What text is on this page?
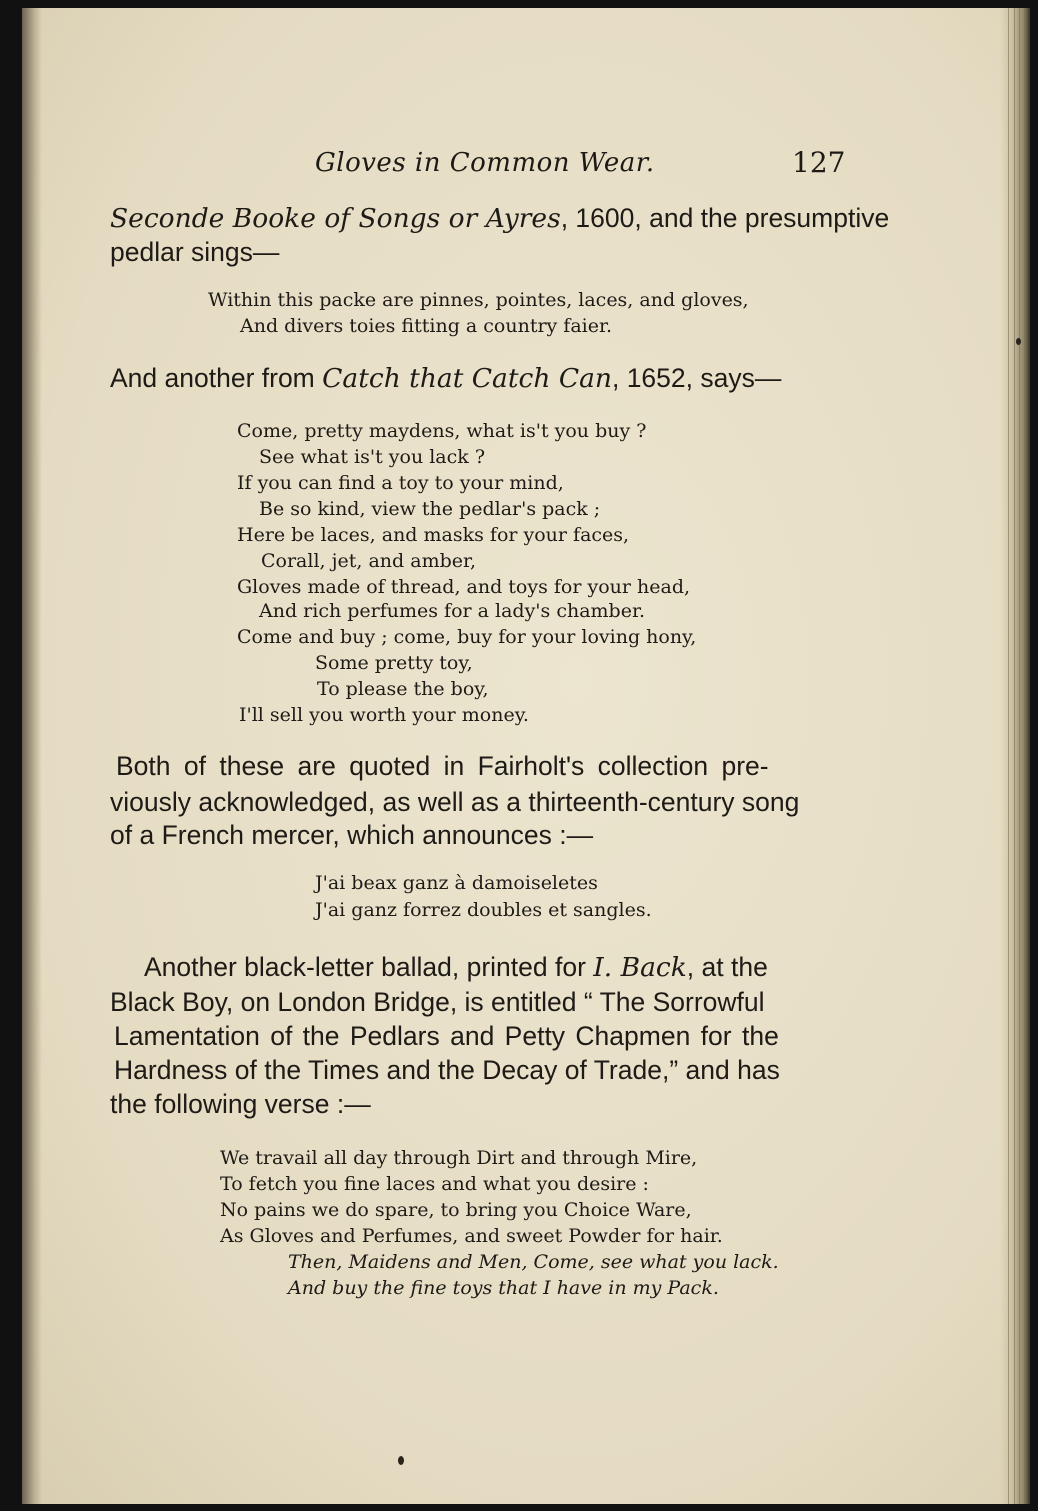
Gloves in Common Wear.	127
Seconde Booke of Songs or Ayres, 1600, and the presumptive
pedlar sings—
Within this packe are pinnes, pointes, laces, and gloves,
And divers toies fitting a country faier.
And another from Catch that Catch Can, 1652, says—
Come, pretty maydens, what is't you buy ?
See what is't you lack ?
If you can find a toy to your mind,
Be so kind, view the pedlar's pack ;
Here be laces, and masks for your faces,
Corall, jet, and amber,
Gloves made of thread, and toys for your head,
And rich perfumes for a lady's chamber.
Come and buy ; come, buy for your loving hony,
Some pretty toy,
To please the boy,
I'll sell you worth your money.
Both of these are quoted in Fairholt's collection pre-
viously acknowledged, as well as a thirteenth-century song
of a French mercer, which announces :—
J'ai beax ganz à damoiseletes
J'ai ganz forrez doubles et sangles.
Another black-letter ballad, printed for I. Back, at the
Black Boy, on London Bridge, is entitled “ The Sorrowful
Lamentation of the Pedlars and Petty Chapmen for the
Hardness of the Times and the Decay of Trade,” and has
the following verse :—
We travail all day through Dirt and through Mire,
To fetch you fine laces and what you desire :
No pains we do spare, to bring you Choice Ware,
As Gloves and Perfumes, and sweet Powder for hair.
Then, Maidens and Men, Come, see what you lack.
And buy the fine toys that I have in my Pack.
